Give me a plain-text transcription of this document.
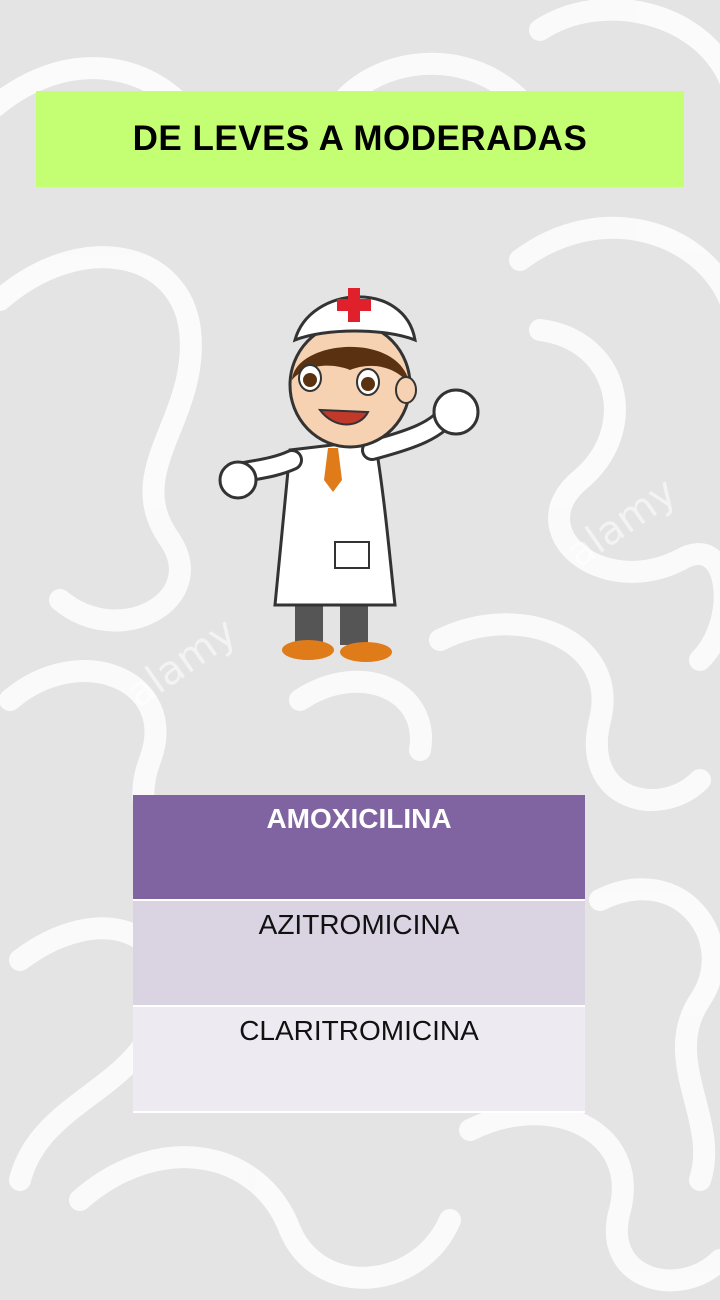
alamy
alamy
DE LEVES A MODERADAS
AMOXICILINA
AZITROMICINA
CLARITROMICINA
